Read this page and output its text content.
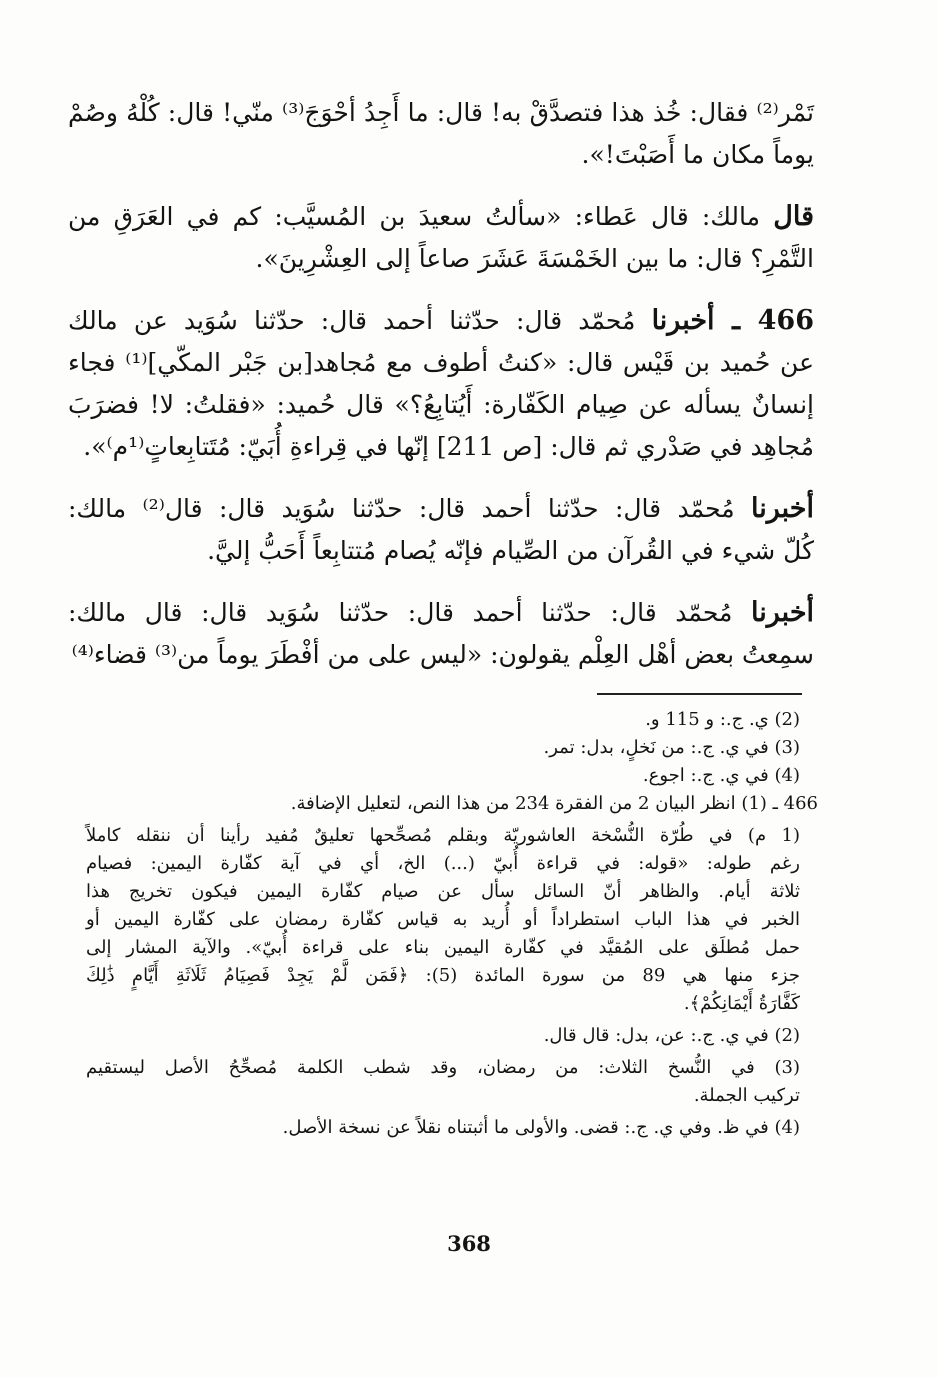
تَمْر⁽²⁾ فقال: خُذ هذا فتصدَّقْ به! قال: ما أَجِدُ أحْوَجَ⁽³⁾ منّي! قال: كُلْهُ وصُمْ
يوماً مكان ما أَصَبْتَ!».
قال مالك: قال عَطاء: «سألتُ سعيدَ بن المُسيَّب: كم في العَرَقِ من
التَّمْرِ؟ قال: ما بين الخَمْسَةَ عَشَرَ صاعاً إلى العِشْرِينَ».
466 ـ أخبرنا مُحمّد قال: حدّثنا أحمد قال: حدّثنا سُوَيد عن مالك
عن حُميد بن قَيْس قال: «كنتُ أطوف مع مُجاهد[بن جَبْر المكّي]⁽¹⁾ فجاء
إنسانٌ يسأله عن صِيام الكَفّارة: أَيُتابِعُ؟» قال حُميد: «فقلتُ: لا! فضرَبَ
مُجاهِد في صَدْري ثم قال: [ص 211] إنّها في قِراءةِ أُبَيّ: مُتَتابِعاتٍ⁽¹م⁾».
أخبرنا مُحمّد قال: حدّثنا أحمد قال: حدّثنا سُوَيد قال: قال⁽²⁾ مالك:
كُلّ شيء في القُرآن من الصِّيام فإنّه يُصام مُتتابِعاً أَحَبُّ إليَّ.
أخبرنا مُحمّد قال: حدّثنا أحمد قال: حدّثنا سُوَيد قال: قال مالك:
سمِعتُ بعض أهْل العِلْم يقولون: «ليس على من أفْطَرَ يوماً من⁽³⁾ قضاء⁽⁴⁾
(2) ي. ج.: و 115 و.
(3) في ي. ج.: من نَخلٍ، بدل: تمر.
(4) في ي. ج.: اجوع.
466 ـ (1) انظر البيان 2 من الفقرة 234 من هذا النص، لتعليل الإضافة.
(1 م) في طُرّة النُّسْخة العاشوريّة وبقلم مُصحِّحها تعليقٌ مُفيد رأينا أن ننقله كاملاً
رغم طوله: «قوله: في قراءة أُبيّ (...) الخ، أي في آية كفّارة اليمين: فصيام
ثلاثة أيام. والظاهر أنّ السائل سأل عن صيام كفّارة اليمين فيكون تخريج هذا
الخبر في هذا الباب استطراداً أو أُريد به قياس كفّارة رمضان على كفّارة اليمين أو
حمل مُطلَق على المُقيَّد في كفّارة اليمين بناء على قراءة أُبيّ». والآية المشار إلى
جزء منها هي 89 من سورة المائدة (5): ﴿فَمَن لَّمْ يَجِدْ فَصِيَامُ ثَلَاثَةِ أَيَّامٍ ذَٰلِكَ
كَفَّارَةُ أَيْمَانِكُمْ﴾.
(2) في ي. ج.: عن، بدل: قال قال.
(3) في النُّسخ الثلاث: من رمضان، وقد شطب الكلمة مُصحِّحُ الأصل ليستقيم
تركيب الجملة.
(4) في ظ. وفي ي. ج.: قضى. والأولى ما أثبتناه نقلاً عن نسخة الأصل.
368
